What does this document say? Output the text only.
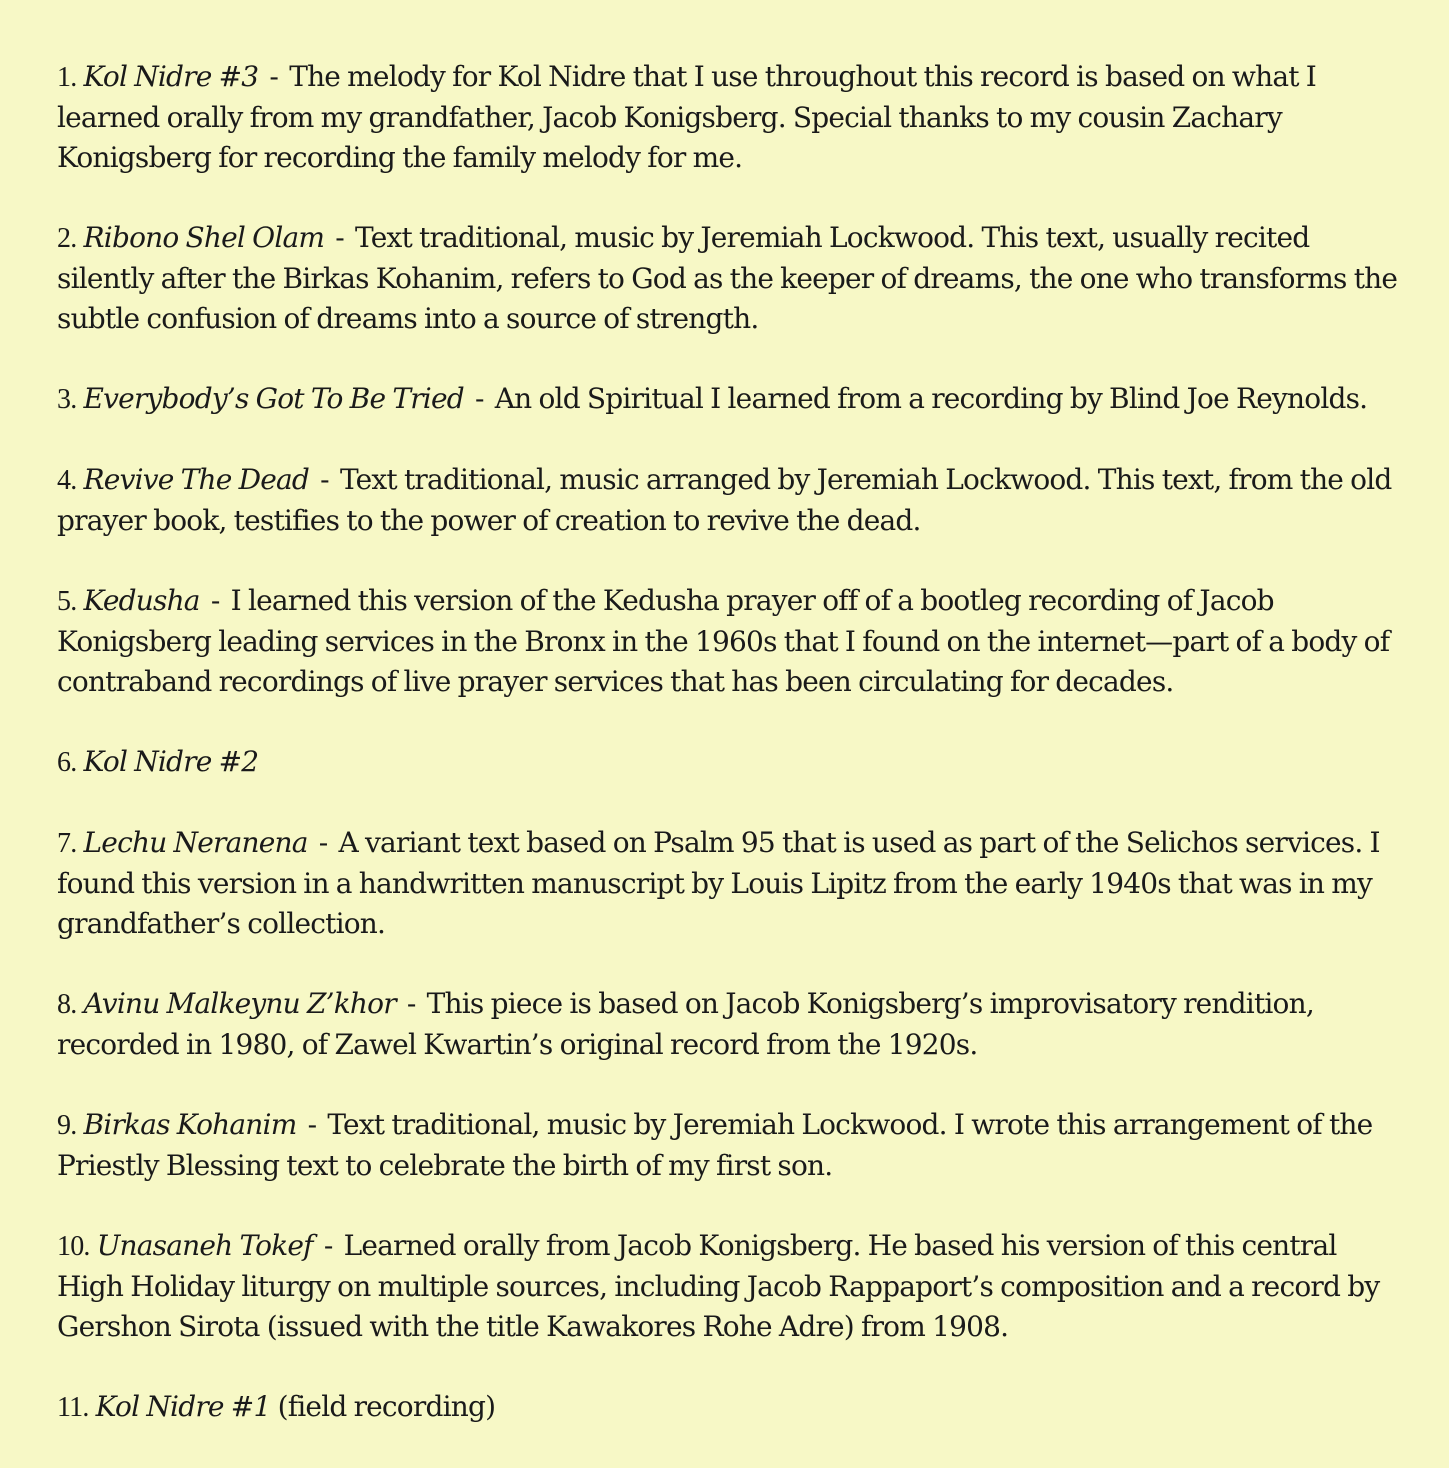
1. Kol Nidre #3 - The melody for Kol Nidre that I use throughout this record is based on what I learned orally from my grandfather, Jacob Konigsberg. Special thanks to my cousin Zachary Konigsberg for recording the family melody for me.

2. Ribono Shel Olam - Text traditional, music by Jeremiah Lockwood. This text, usually recited silently after the Birkas Kohanim, refers to God as the keeper of dreams, the one who transforms the subtle confusion of dreams into a source of strength.

3. Everybody’s Got To Be Tried - An old Spiritual I learned from a recording by Blind Joe Reynolds.

4. Revive The Dead - Text traditional, music arranged by Jeremiah Lockwood. This text, from the old prayer book, testifies to the power of creation to revive the dead.

5. Kedusha - I learned this version of the Kedusha prayer off of a bootleg recording of Jacob Konigsberg leading services in the Bronx in the 1960s that I found on the internet—part of a body of contraband recordings of live prayer services that has been circulating for decades.

6. Kol Nidre #2

7. Lechu Neranena - A variant text based on Psalm 95 that is used as part of the Selichos services. I found this version in a handwritten manuscript by Louis Lipitz from the early 1940s that was in my grandfather’s collection.

8. Avinu Malkeynu Z’khor - This piece is based on Jacob Konigsberg’s improvisatory rendition, recorded in 1980, of Zawel Kwartin’s original record from the 1920s.

9. Birkas Kohanim - Text traditional, music by Jeremiah Lockwood. I wrote this arrangement of the Priestly Blessing text to celebrate the birth of my first son.

10. Unasaneh Tokef - Learned orally from Jacob Konigsberg. He based his version of this central High Holiday liturgy on multiple sources, including Jacob Rappaport’s composition and a record by Gershon Sirota (issued with the title Kawakores Rohe Adre) from 1908.

11. Kol Nidre #1 (field recording)
